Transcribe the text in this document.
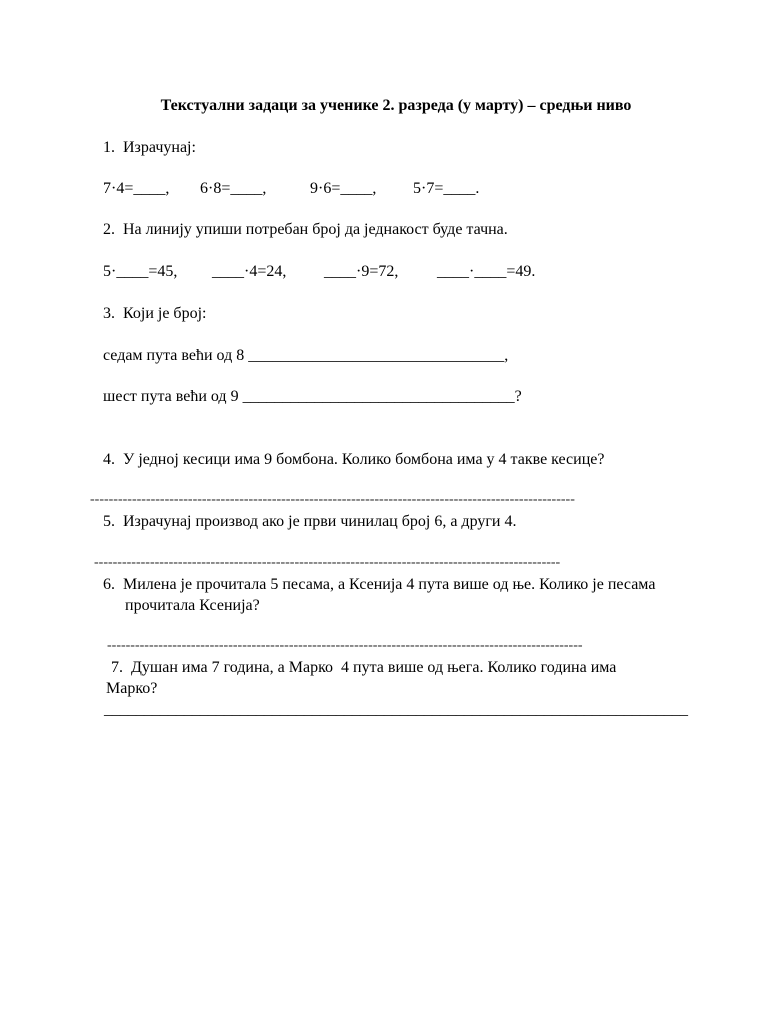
Текстуални задаци за ученике 2. разреда (у марту) – средњи ниво
1.  Израчунај:
7·4=____, 6·8=____,	9·6=____, 5·7=____.
2.  На линију упиши потребан број да једнакост буде тачна.
5·____=45, ____·4=24, ____·9=72, ____·____=49.
3.  Који је број:
седам пута већи од 8 ________________________________,
шест пута већи од 9 __________________________________?
4.  У једној кесици има 9 бомбона. Колико бомбона има у 4 такве кесице?
--------------------------------------------------------------------------------------------------------
5.  Израчунај производ ако је први чинилац број 6, а други 4.
----------------------------------------------------------------------------------------------------
6.  Милена је прочитала 5 песама, а Ксенија 4 пута више од ње. Колико је песама
прочитала Ксенија?
------------------------------------------------------------------------------------------------------
7.  Душан има 7 година, а Марко  4 пута више од њега. Колико година има
Марко?
_________________________________________________________________________
